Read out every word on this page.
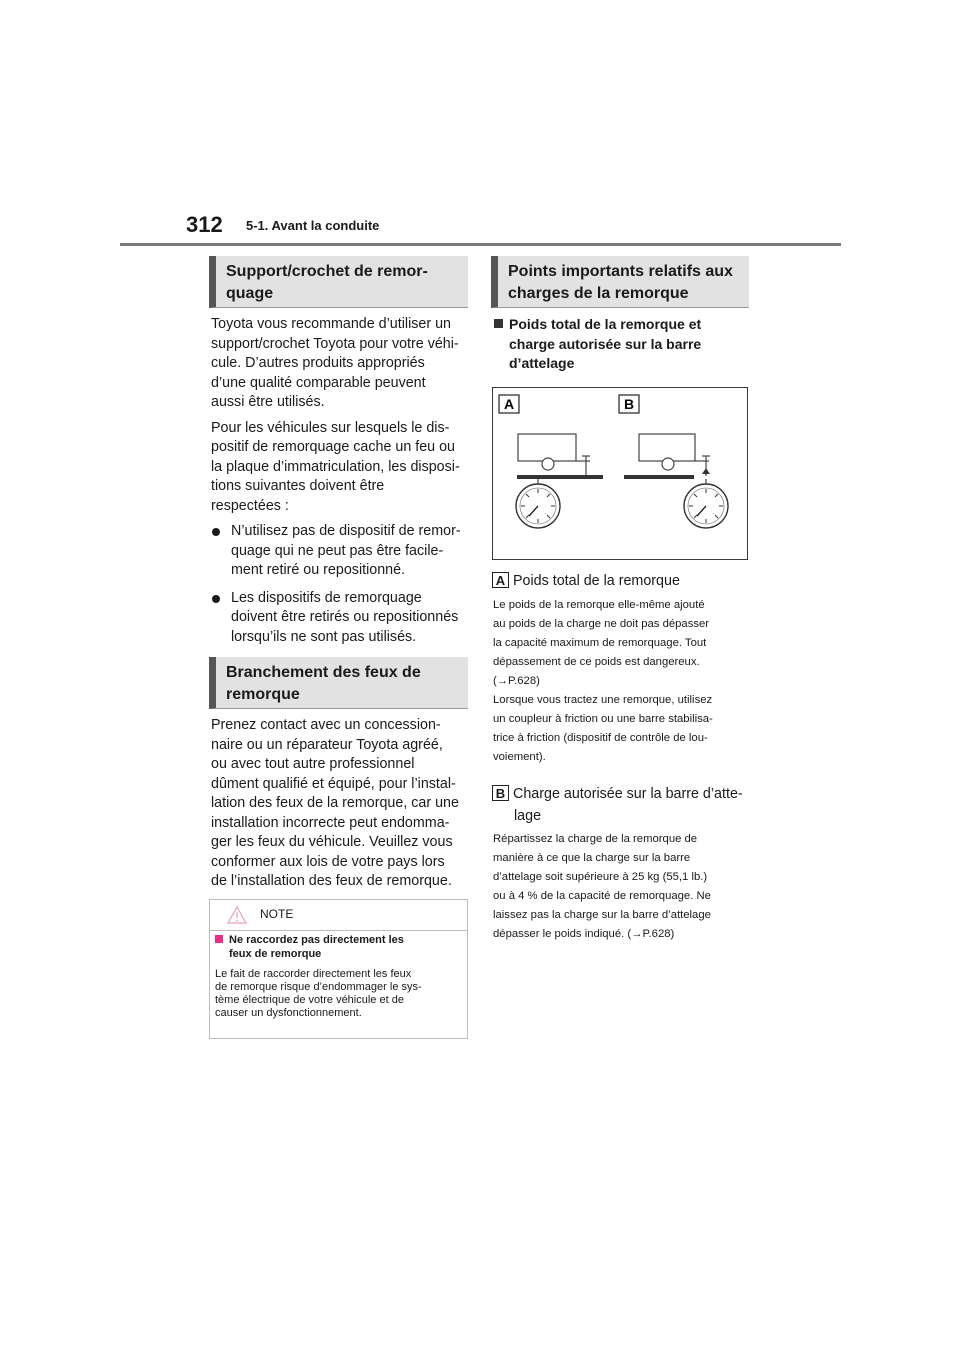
312 5-1. Avant la conduite
Support/crochet de remor-
quage

Toyota vous recommande d’utiliser un
support/crochet Toyota pour votre véhi-
cule. D’autres produits appropriés
d’une qualité comparable peuvent
aussi être utilisés.

Pour les véhicules sur lesquels le dis-
positif de remorquage cache un feu ou
la plaque d’immatriculation, les disposi-
tions suivantes doivent être
respectées :

N’utilisez pas de dispositif de remor-
quage qui ne peut pas être facile-
ment retiré ou repositionné.

Les dispositifs de remorquage
doivent être retirés ou repositionnés
lorsqu’ils ne sont pas utilisés.

Branchement des feux de
remorque

Prenez contact avec un concession-
naire ou un réparateur Toyota agréé,
ou avec tout autre professionnel
dûment qualifié et équipé, pour l’instal-
lation des feux de la remorque, car une
installation incorrecte peut endomma-
ger les feux du véhicule. Veuillez vous
conformer aux lois de votre pays lors
de l’installation des feux de remorque.

NOTE
Ne raccordez pas directement les
feux de remorque
Le fait de raccorder directement les feux
de remorque risque d’endommager le sys-
tème électrique de votre véhicule et de
causer un dysfonctionnement.
Points importants relatifs aux
charges de la remorque
Poids total de la remorque et
charge autorisée sur la barre
d’attelage
A	B
A Poids total de la remorque
Le poids de la remorque elle-même ajouté
au poids de la charge ne doit pas dépasser
la capacité maximum de remorquage. Tout
dépassement de ce poids est dangereux.
(→P.628)
Lorsque vous tractez une remorque, utilisez
un coupleur à friction ou une barre stabilisa-
trice à friction (dispositif de contrôle de lou-
voiement).
B Charge autorisée sur la barre d’atte-
lage
Répartissez la charge de la remorque de
manière à ce que la charge sur la barre
d’attelage soit supérieure à 25 kg (55,1 lb.)
ou à 4 % de la capacité de remorquage. Ne
laissez pas la charge sur la barre d’attelage
dépasser le poids indiqué. (→P.628)
